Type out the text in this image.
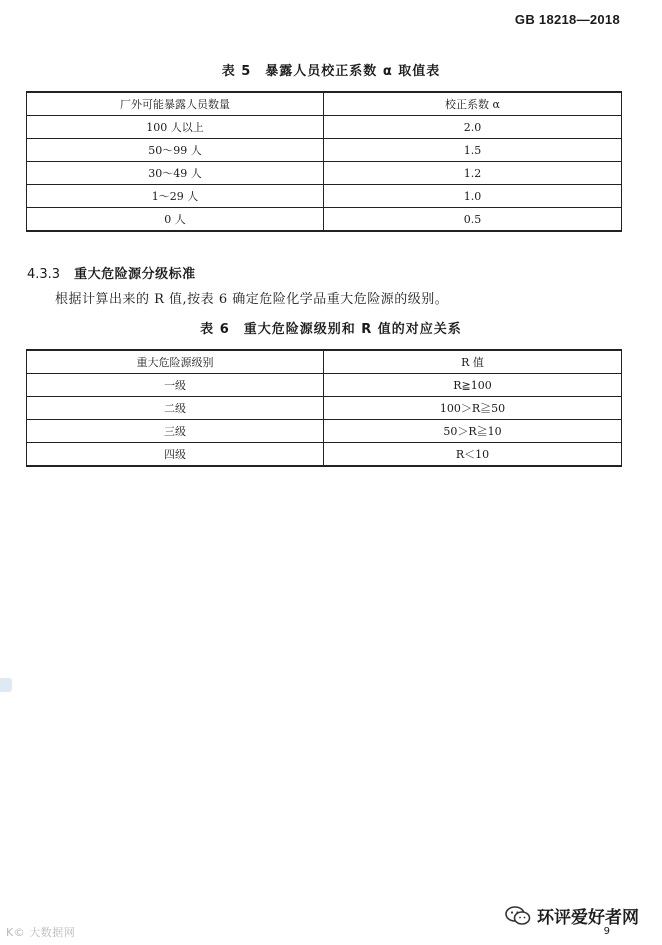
GB 18218—2018
表 5　暴露人员校正系数 α 取值表
厂外可能暴露人员数量	校正系数 α
100 人以上	2.0
50～99 人	1.5
30～49 人	1.2
1～29 人	1.0
0 人	0.5
4.3.3 重大危险源分级标准
根据计算出来的 R 值,按表 6 确定危险化学品重大危险源的级别。
表 6　重大危险源级别和 R 值的对应关系
重大危险源级别	R 值
一级	R≧100
二级	100＞R≧50
三级	50＞R≧10
四级	R＜10
K© 大数据网
环评爱好者网
9
